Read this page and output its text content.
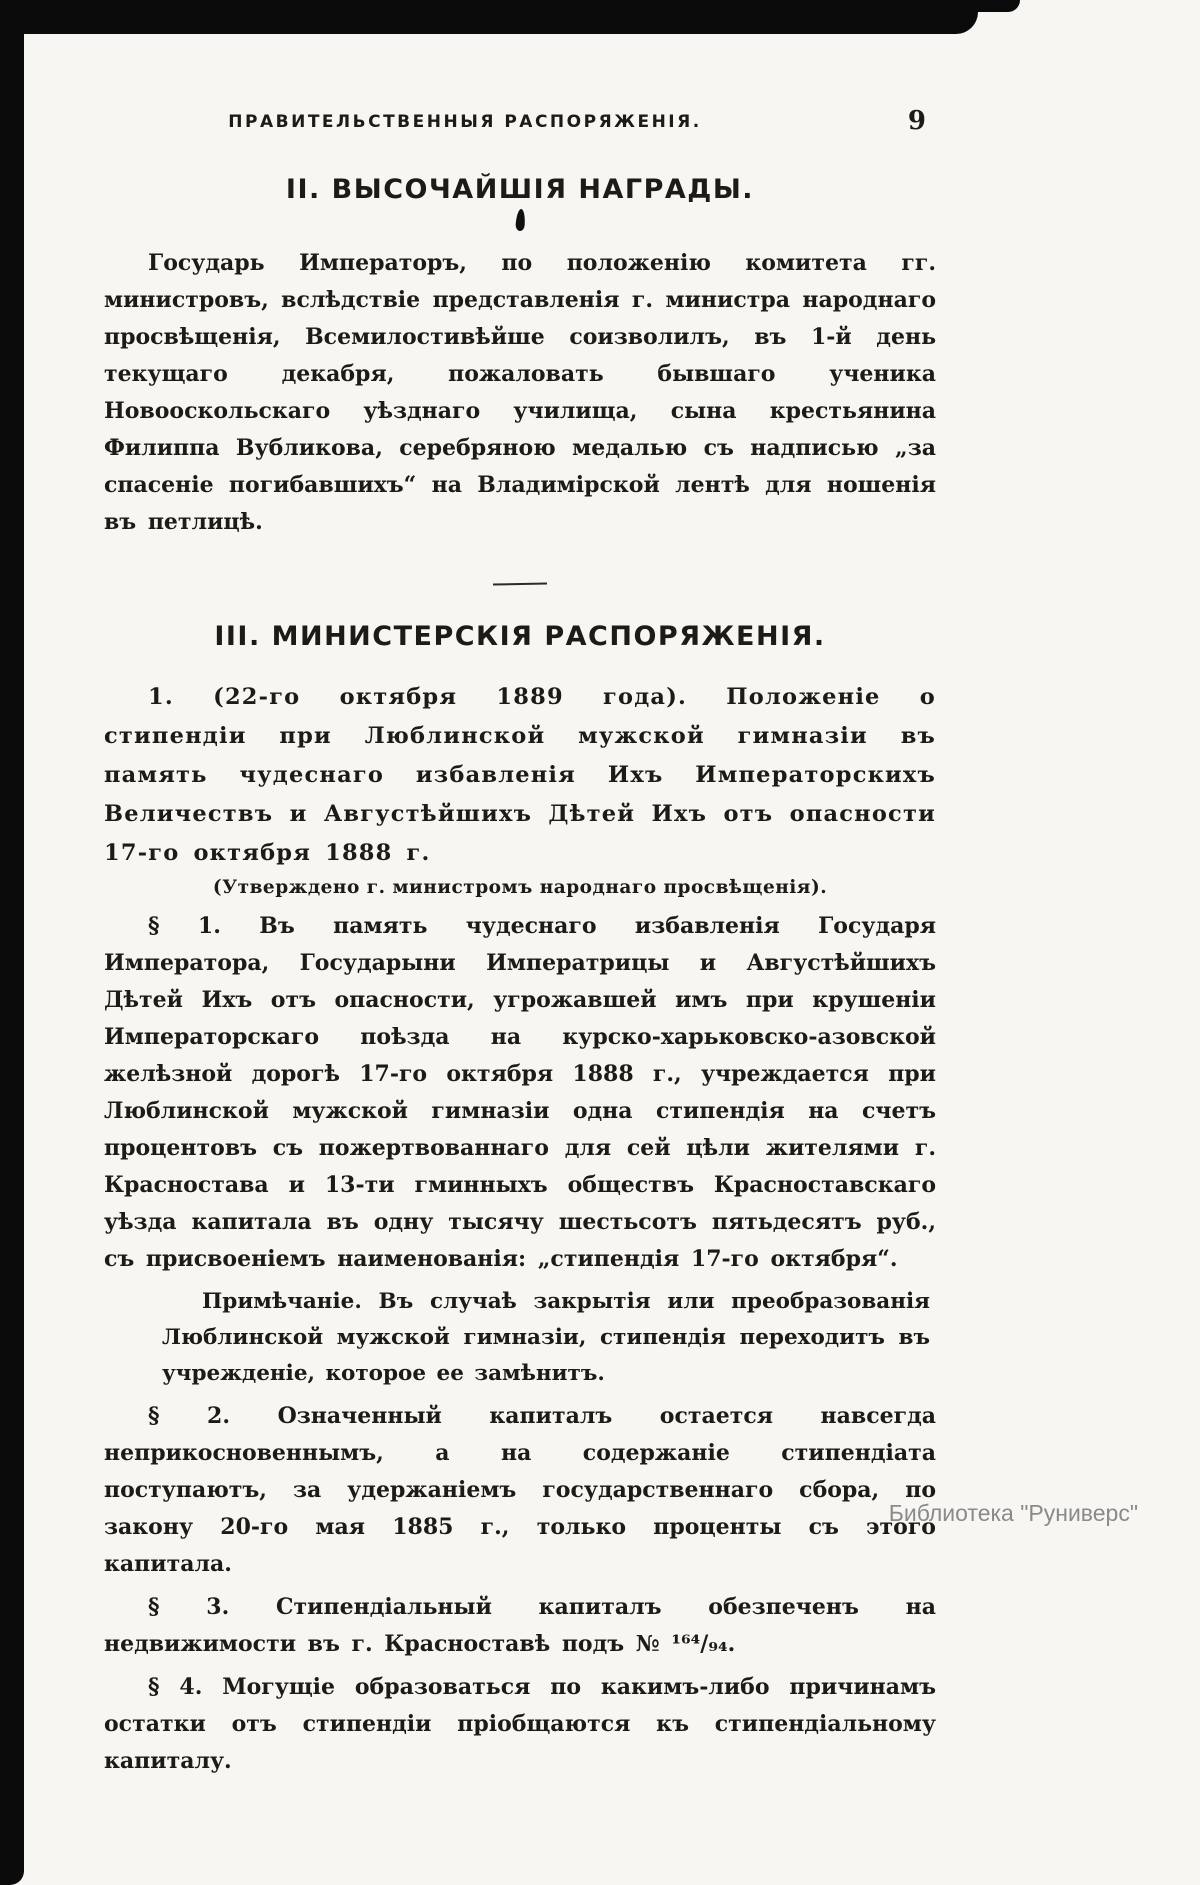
ПРАВИТЕЛЬСТВЕННЫЯ РАСПОРЯЖЕНІЯ.	9
II. ВЫСОЧАЙШІЯ НАГРАДЫ.

Государь Императоръ, по положенію комитета гг. министровъ, вслѣдствіе представленія г. министра народнаго просвѣщенія, Всемилостивѣйше соизволилъ, въ 1-й день текущаго декабря, пожаловать бывшаго ученика Новооскольскаго уѣзднаго училища, сына крестьянина Филиппа Вубликова, серебряною медалью съ надписью „за спасеніе погибавшихъ“ на Владимірской лентѣ для ношенія въ петлицѣ.

III. МИНИСТЕРСКІЯ РАСПОРЯЖЕНІЯ.

1. (22-го октября 1889 года). Положеніе о стипендіи при Люблинской мужской гимназіи въ память чудеснаго избавленія Ихъ Императорскихъ Величествъ и Августѣйшихъ Дѣтей Ихъ отъ опасности 17-го октября 1888 г.

(Утверждено г. министромъ народнаго просвѣщенія).

§ 1. Въ память чудеснаго избавленія Государя Императора, Государыни Императрицы и Августѣйшихъ Дѣтей Ихъ отъ опасности, угрожавшей имъ при крушеніи Императорскаго поѣзда на курско-харьковско-азовской желѣзной дорогѣ 17-го октября 1888 г., учреждается при Люблинской мужской гимназіи одна стипендія на счетъ процентовъ съ пожертвованнаго для сей цѣли жителями г. Красностава и 13-ти гминныхъ обществъ Красноставскаго уѣзда капитала въ одну тысячу шестьсотъ пятьдесятъ руб., съ присвоеніемъ наименованія: „стипендія 17-го октября“.

Примѣчаніе. Въ случаѣ закрытія или преобразованія Люблинской мужской гимназіи, стипендія переходитъ въ учрежденіе, которое ее замѣнитъ.

§ 2. Означенный капиталъ остается навсегда неприкосновеннымъ, а на содержаніе стипендіата поступаютъ, за удержаніемъ государственнаго сбора, по закону 20-го мая 1885 г., только проценты съ этого капитала.

§ 3. Стипендіальный капиталъ обезпеченъ на недвижимости въ г. Красноставѣ подъ № ¹⁶⁴/₉₄.

§ 4. Могущіе образоваться по какимъ-либо причинамъ остатки отъ стипендіи пріобщаются къ стипендіальному капиталу.

Библиотека "Руниверс"
